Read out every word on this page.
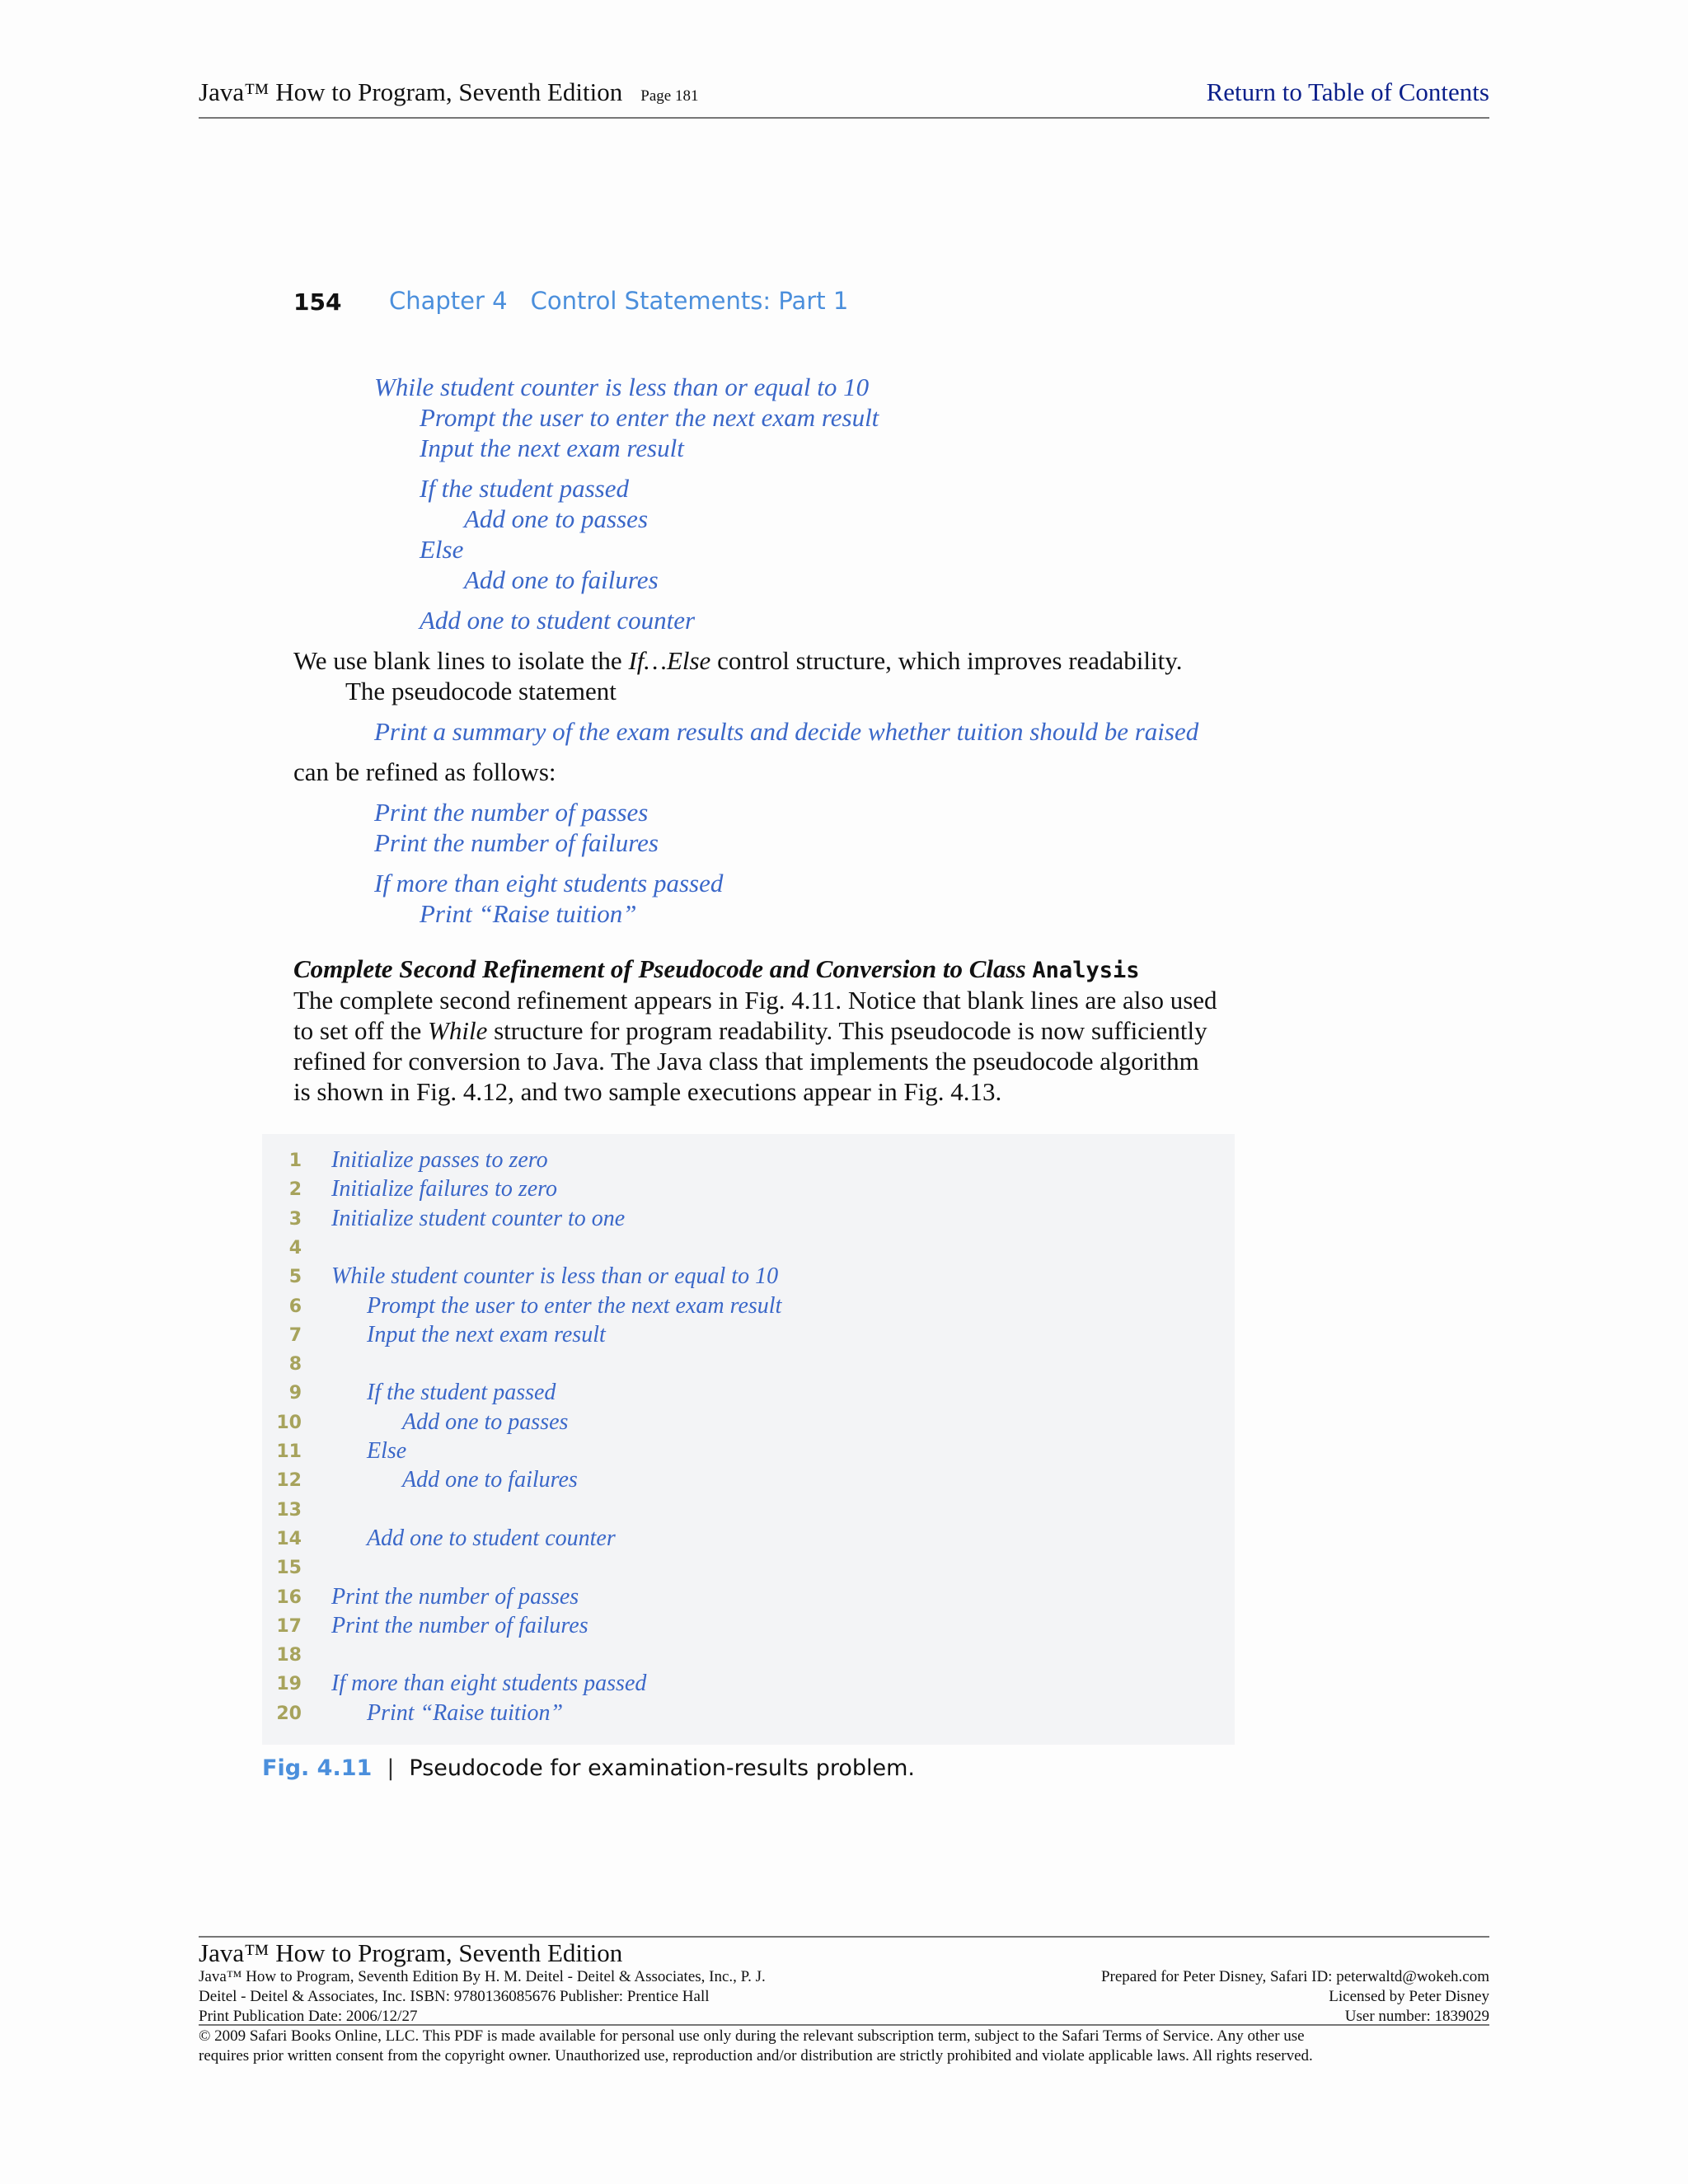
Java™ How to Program, Seventh Edition Page 181	Return to Table of Contents
154 Chapter 4 Control Statements: Part 1
While student counter is less than or equal to 10
Prompt the user to enter the next exam result
Input the next exam result
If the student passed
Add one to passes
Else
Add one to failures
Add one to student counter
We use blank lines to isolate the If…Else control structure, which improves readability.
The pseudocode statement
Print a summary of the exam results and decide whether tuition should be raised
can be refined as follows:
Print the number of passes
Print the number of failures
If more than eight students passed
Print “Raise tuition”
Complete Second Refinement of Pseudocode and Conversion to Class Analysis
The complete second refinement appears in Fig. 4.11. Notice that blank lines are also used
to set off the While structure for program readability. This pseudocode is now sufficiently
refined for conversion to Java. The Java class that implements the pseudocode algorithm
is shown in Fig. 4.12, and two sample executions appear in Fig. 4.13.
1 Initialize passes to zero
2 Initialize failures to zero
3 Initialize student counter to one
4
5 While student counter is less than or equal to 10
6	Prompt the user to enter the next exam result
7	Input the next exam result
8
9	If the student passed
10	Add one to passes
11	Else
12	Add one to failures
13
14	Add one to student counter
15
16 Print the number of passes
17 Print the number of failures
18
19 If more than eight students passed
20	Print “Raise tuition”
Fig. 4.11 | Pseudocode for examination-results problem.
Java™ How to Program, Seventh Edition
Java™ How to Program, Seventh Edition By H. M. Deitel - Deitel & Associates, Inc., P. J.
Deitel - Deitel & Associates, Inc. ISBN: 9780136085676 Publisher: Prentice Hall
Print Publication Date: 2006/12/27
Prepared for Peter Disney, Safari ID: peterwaltd@wokeh.com
Licensed by Peter Disney
User number: 1839029
© 2009 Safari Books Online, LLC. This PDF is made available for personal use only during the relevant subscription term, subject to the Safari Terms of Service. Any other use
requires prior written consent from the copyright owner. Unauthorized use, reproduction and/or distribution are strictly prohibited and violate applicable laws. All rights reserved.
